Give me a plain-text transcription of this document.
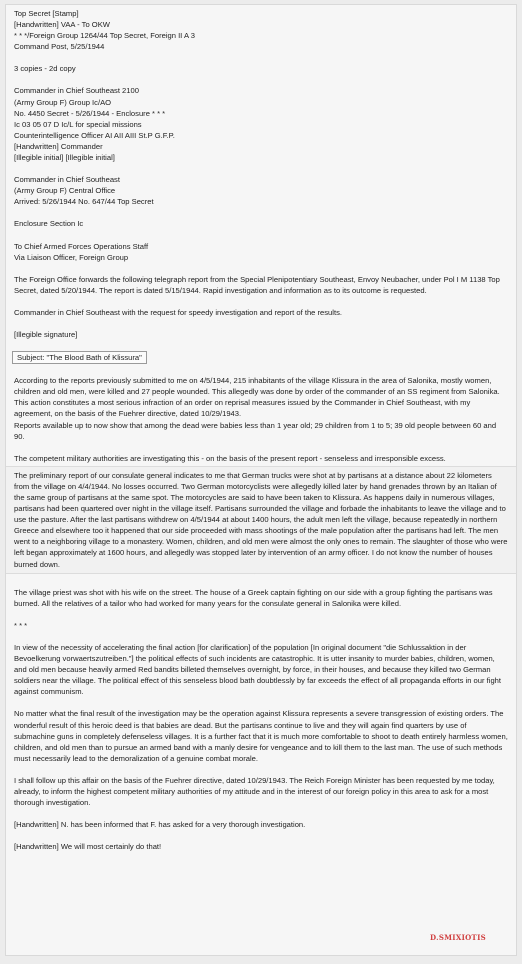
Top Secret [Stamp]
[Handwritten] VAA - To OKW
* * */Foreign Group 1264/44 Top Secret, Foreign II A 3
Command Post, 5/25/1944
3 copies - 2d copy
Commander in Chief Southeast 2100
(Army Group F) Group Ic/AO
No. 4450 Secret - 5/26/1944 - Enclosure * * *
Ic 03 05 07 D Ic/L for special missions
Counterintelligence Officer AI AII AIII St.P G.F.P.
[Handwritten] Commander
[Illegible initial] [Illegible initial]
Commander in Chief Southeast
(Army Group F) Central Office
Arrived: 5/26/1944 No. 647/44 Top Secret
Enclosure Section Ic
To Chief Armed Forces Operations Staff
Via Liaison Officer, Foreign Group

The Foreign Office forwards the following telegraph report from the Special Plenipotentiary Southeast, Envoy Neubacher, under Pol I M 1138 Top Secret, dated 5/20/1944. The report is dated 5/15/1944. Rapid investigation and information as to its outcome is requested.

Commander in Chief Southeast with the request for speedy investigation and report of the results.

[Illegible signature]
Subject: "The Blood Bath of Klissura"

According to the reports previously submitted to me on 4/5/1944, 215 inhabitants of the village Klissura in the area of Salonika, mostly women, children and old men, were killed and 27 people wounded. This allegedly was done by order of the commander of an SS regiment from Salonika. This action constitutes a most serious infraction of an order on reprisal measures issued by the Commander in Chief Southeast, with my agreement, on the basis of the Fuehrer directive, dated 10/29/1943.

Reports available up to now show that among the dead were babies less than 1 year old; 29 children from 1 to 5; 39 old people between 60 and 90.

The competent military authorities are investigating this - on the basis of the present report - senseless and irresponsible excess.

The preliminary report of our consulate general indicates to me that German trucks were shot at by partisans at a distance about 22 kilometers from the village on 4/4/1944. No losses occurred. Two German motorcyclists were allegedly killed later by hand grenades thrown by an Italian of the same group of partisans at the same spot. The motorcycles are said to have been taken to Klissura. As happens daily in numerous villages, partisans had been quartered over night in the village itself. Partisans surrounded the village and forbade the inhabitants to leave the village and to use the pasture. After the last partisans withdrew on 4/5/1944 at about 1400 hours, the adult men left the village, because repeatedly in northern Greece and elsewhere too it happened that our side proceeded with mass shootings of the male population after the partisans had left. The men went to a neighboring village to a monastery. Women, children, and old men were almost the only ones to remain. The slaughter of those who were left began approximately at 1600 hours, and allegedly was stopped later by intervention of an army officer. I do not know the number of houses burned down.

The village priest was shot with his wife on the street. The house of a Greek captain fighting on our side with a group fighting the partisans was burned. All the relatives of a tailor who had worked for many years for the consulate general in Salonika were killed.

* * *

In view of the necessity of accelerating the final action [for clarification] of the population [In original document "die Schlussaktion in der Bevoelkerung vorwaertszutreiben."] the political effects of such incidents are catastrophic. It is utter insanity to murder babies, children, women, and old men because heavily armed Red bandits billeted themselves overnight, by force, in their houses, and because they killed two German soldiers near the village. The political effect of this senseless blood bath doubtlessly by far exceeds the effect of all propaganda efforts in our fight against communism.

No matter what the final result of the investigation may be the operation against Klissura represents a severe transgression of existing orders. The wonderful result of this heroic deed is that babies are dead. But the partisans continue to live and they will again find quarters by use of submachine guns in completely defenseless villages. It is a further fact that it is much more comfortable to shoot to death entirely harmless women, children, and old men than to pursue an armed band with a manly desire for vengeance and to kill them to the last man. The use of such methods must necessarily lead to the demoralization of a genuine combat morale.

I shall follow up this affair on the basis of the Fuehrer directive, dated 10/29/1943. The Reich Foreign Minister has been requested by me today, already, to inform the highest competent military authorities of my attitude and in the interest of our foreign policy in this area to ask for a most thorough investigation.

[Handwritten] N. has been informed that F. has asked for a very thorough investigation.

[Handwritten] We will most certainly do that!

D.SMIXIOTIS
